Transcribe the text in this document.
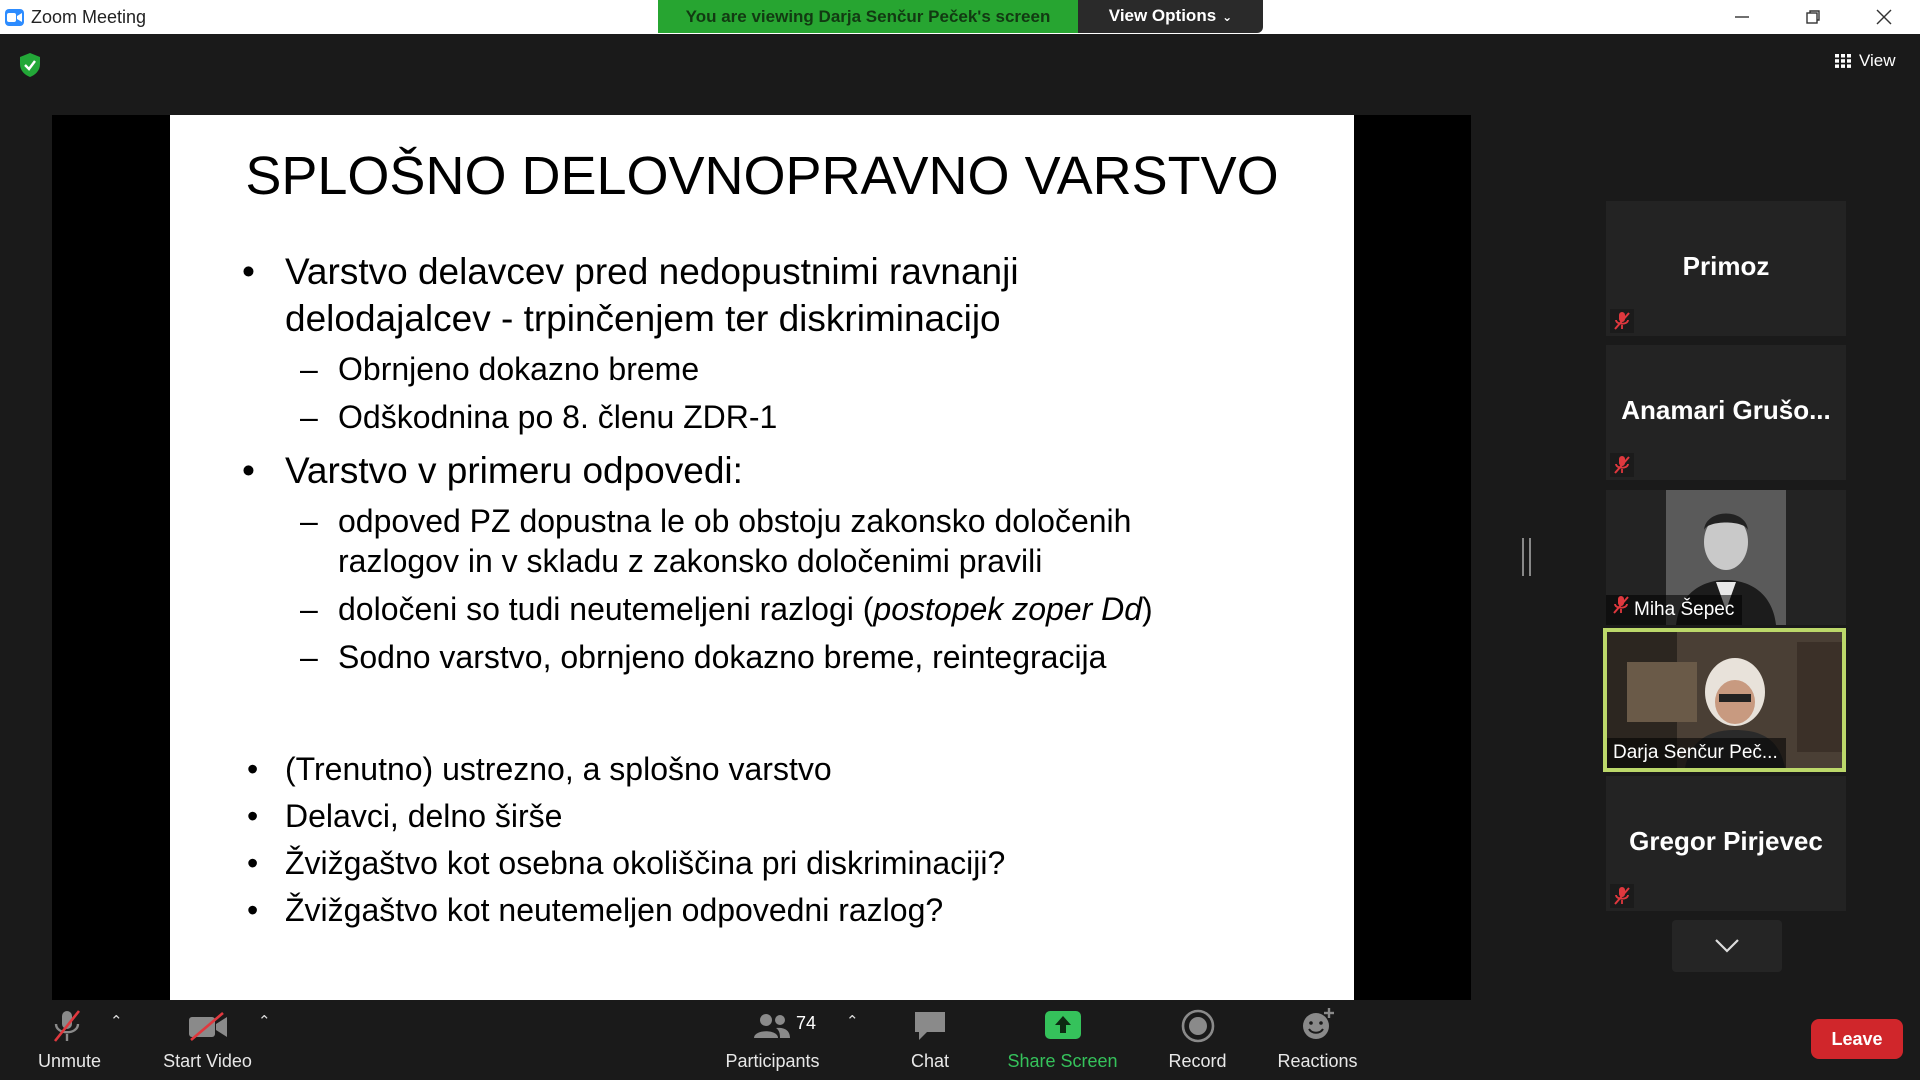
Zoom Meeting	You are viewing Darja Senčur Peček's screen	View Options ⌄
View
SPLOŠNO DELOVNOPRAVNO VARSTVO
• Varstvo delavcev pred nedopustnimi ravnanji
delodajalcev - trpinčenjem ter diskriminacijo
– Obrnjeno dokazno breme
– Odškodnina po 8. členu ZDR-1
• Varstvo v primeru odpovedi:
– odpoved PZ dopustna le ob obstoju zakonsko določenih
razlogov in v skladu z zakonsko določenimi pravili
– določeni so tudi neutemeljeni razlogi (postopek zoper Dd)
– Sodno varstvo, obrnjeno dokazno breme, reintegracija
• (Trenutno) ustrezno, a splošno varstvo
• Delavci, delno širše
• Žvižgaštvo kot osebna okoliščina pri diskriminaciji?
• Žvižgaštvo kot neutemeljen odpovedni razlog?
Primoz
Anamari Grušo...
Miha Šepec
Darja Senčur Peč...
Gregor Pirjevec
Unmute
⌃
Start Video
⌃	74
Participants
⌃
Chat	Share Screen	Record	Reactions
Leave
